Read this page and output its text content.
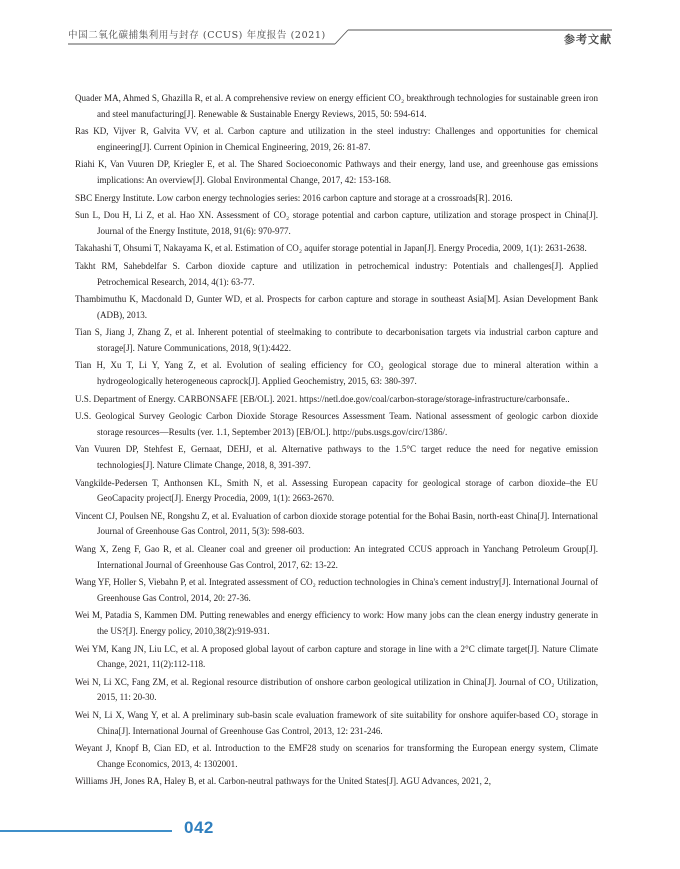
中国二氧化碳捕集利用与封存 (CCUS) 年度报告 (2021)	参考文献

Quader MA, Ahmed S, Ghazilla R, et al. A comprehensive review on energy efficient CO₂ breakthrough technologies for sustainable green iron and steel manufacturing[J]. Renewable & Sustainable Energy Reviews, 2015, 50: 594-614.

Ras KD, Vijver R, Galvita VV, et al. Carbon capture and utilization in the steel industry: Challenges and opportunities for chemical engineering[J]. Current Opinion in Chemical Engineering, 2019, 26: 81-87.

Riahi K, Van Vuuren DP, Kriegler E, et al. The Shared Socioeconomic Pathways and their energy, land use, and greenhouse gas emissions implications: An overview[J]. Global Environmental Change, 2017, 42: 153-168.

SBC Energy Institute. Low carbon energy technologies series: 2016 carbon capture and storage at a crossroads[R]. 2016.

Sun L, Dou H, Li Z, et al. Hao XN. Assessment of CO₂ storage potential and carbon capture, utilization and storage prospect in China[J]. Journal of the Energy Institute, 2018, 91(6): 970-977.

Takahashi T, Ohsumi T, Nakayama K, et al. Estimation of CO₂ aquifer storage potential in Japan[J]. Energy Procedia, 2009, 1(1): 2631-2638.

Takht RM, Sahebdelfar S. Carbon dioxide capture and utilization in petrochemical industry: Potentials and challenges[J]. Applied Petrochemical Research, 2014, 4(1): 63-77.

Thambimuthu K, Macdonald D, Gunter WD, et al. Prospects for carbon capture and storage in southeast Asia[M]. Asian Development Bank (ADB), 2013.

Tian S, Jiang J, Zhang Z, et al. Inherent potential of steelmaking to contribute to decarbonisation targets via industrial carbon capture and storage[J]. Nature Communications, 2018, 9(1):4422.

Tian H, Xu T, Li Y, Yang Z, et al. Evolution of sealing efficiency for CO₂ geological storage due to mineral alteration within a hydrogeologically heterogeneous caprock[J]. Applied Geochemistry, 2015, 63: 380-397.

U.S. Department of Energy. CARBONSAFE [EB/OL]. 2021. https://netl.doe.gov/coal/carbon-storage/storage-infrastructure/carbonsafe..

U.S. Geological Survey Geologic Carbon Dioxide Storage Resources Assessment Team. National assessment of geologic carbon dioxide storage resources—Results (ver. 1.1, September 2013) [EB/OL]. http://pubs.usgs.gov/circ/1386/.

Van Vuuren DP, Stehfest E, Gernaat, DEHJ, et al. Alternative pathways to the 1.5°C target reduce the need for negative emission technologies[J]. Nature Climate Change, 2018, 8, 391-397.

Vangkilde-Pedersen T, Anthonsen KL, Smith N, et al. Assessing European capacity for geological storage of carbon dioxide–the EU GeoCapacity project[J]. Energy Procedia, 2009, 1(1): 2663-2670.

Vincent CJ, Poulsen NE, Rongshu Z, et al. Evaluation of carbon dioxide storage potential for the Bohai Basin, north-east China[J]. International Journal of Greenhouse Gas Control, 2011, 5(3): 598-603.

Wang X, Zeng F, Gao R, et al. Cleaner coal and greener oil production: An integrated CCUS approach in Yanchang Petroleum Group[J]. International Journal of Greenhouse Gas Control, 2017, 62: 13-22.

Wang YF, Holler S, Viebahn P, et al. Integrated assessment of CO₂ reduction technologies in China's cement industry[J]. International Journal of Greenhouse Gas Control, 2014, 20: 27-36.

Wei M, Patadia S, Kammen DM. Putting renewables and energy efficiency to work: How many jobs can the clean energy industry generate in the US?[J]. Energy policy, 2010,38(2):919-931.

Wei YM, Kang JN, Liu LC, et al. A proposed global layout of carbon capture and storage in line with a 2°C climate target[J]. Nature Climate Change, 2021, 11(2):112-118.

Wei N, Li XC, Fang ZM, et al. Regional resource distribution of onshore carbon geological utilization in China[J]. Journal of CO₂ Utilization, 2015, 11: 20-30.

Wei N, Li X, Wang Y, et al. A preliminary sub-basin scale evaluation framework of site suitability for onshore aquifer-based CO₂ storage in China[J]. International Journal of Greenhouse Gas Control, 2013, 12: 231-246.

Weyant J, Knopf B, Cian ED, et al. Introduction to the EMF28 study on scenarios for transforming the European energy system, Climate Change Economics, 2013, 4: 1302001.

Williams JH, Jones RA, Haley B, et al. Carbon-neutral pathways for the United States[J]. AGU Advances, 2021, 2,

042
